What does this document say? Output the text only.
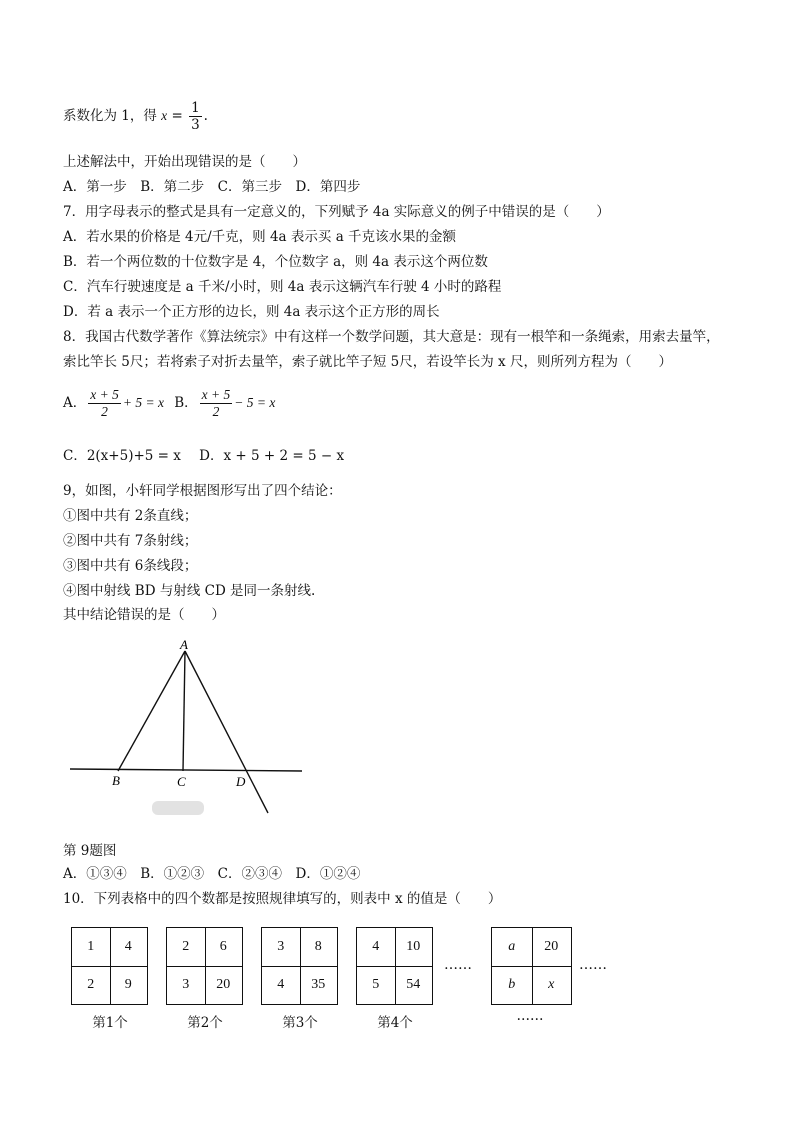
系数化为 1，得 $x = \frac{1}{3}$ .
上述解法中，开始出现错误的是（　　）
A．第一步　B．第二步　C．第三步　D．第四步
7．用字母表示的整式是具有一定意义的，下列赋予 4a 实际意义的例子中错误的是（　　）
A．若水果的价格是 4元/千克，则 4a 表示买 a 千克该水果的金额
B．若一个两位数的十位数字是 4，个位数字 a，则 4a 表示这个两位数
C．汽车行驶速度是 a 千米/小时，则 4a 表示这辆汽车行驶 4 小时的路程
D．若 a 表示一个正方形的边长，则 4a 表示这个正方形的周长
8．我国古代数学著作《算法统宗》中有这样一个数学问题，其大意是：现有一根竿和一条绳索，用索去量竿，
索比竿长 5尺；若将索子对折去量竿，索子就比竿子短 5尺，若设竿长为 x 尺，则所列方程为（　　）
A． $\frac{x + 5}{2} + 5 = x$ B． $\frac{x + 5}{2} - 5 = x$
C．2(x+5)+5 = x D．x + 5 + 2 = 5 − x
9，如图，小轩同学根据图形写出了四个结论：
①图中共有 2条直线；
②图中共有 7条射线；
③图中共有 6条线段；
④图中射线 BD 与射线 CD 是同一条射线.
其中结论错误的是（　　）
A
B	C	D
第 9题图
A．①③④　B．①②③　C．②③④　D．①②④
10．下列表格中的四个数都是按照规律填写的，则表中 x 的值是（　　）
1	4
2	9
第1个
2	6
3	20
第2个
3	8
4	35
第3个
4	10
5	54
第4个
……
a	20
b	x
……
……
